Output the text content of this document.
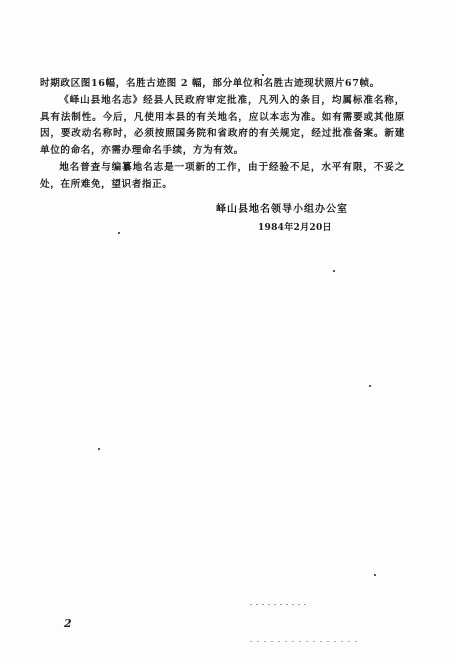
时期政区图16幅，名胜古迹图 2 幅，部分单位和名胜古迹现状照片67帧。

《峄山县地名志》经县人民政府审定批准，凡列入的条目，均属标准名称，具有法制性。今后，凡使用本县的有关地名，应以本志为准。如有需要或其他原因，要改动名称时，必须按照国务院和省政府的有关规定，经过批准备案。新建单位的命名，亦需办理命名手续，方为有效。

地名普查与编纂地名志是一项新的工作，由于经验不足，水平有限，不妥之处，在所难免，望识者指正。

峄山县地名领导小组办公室
1984年2月20日
2
